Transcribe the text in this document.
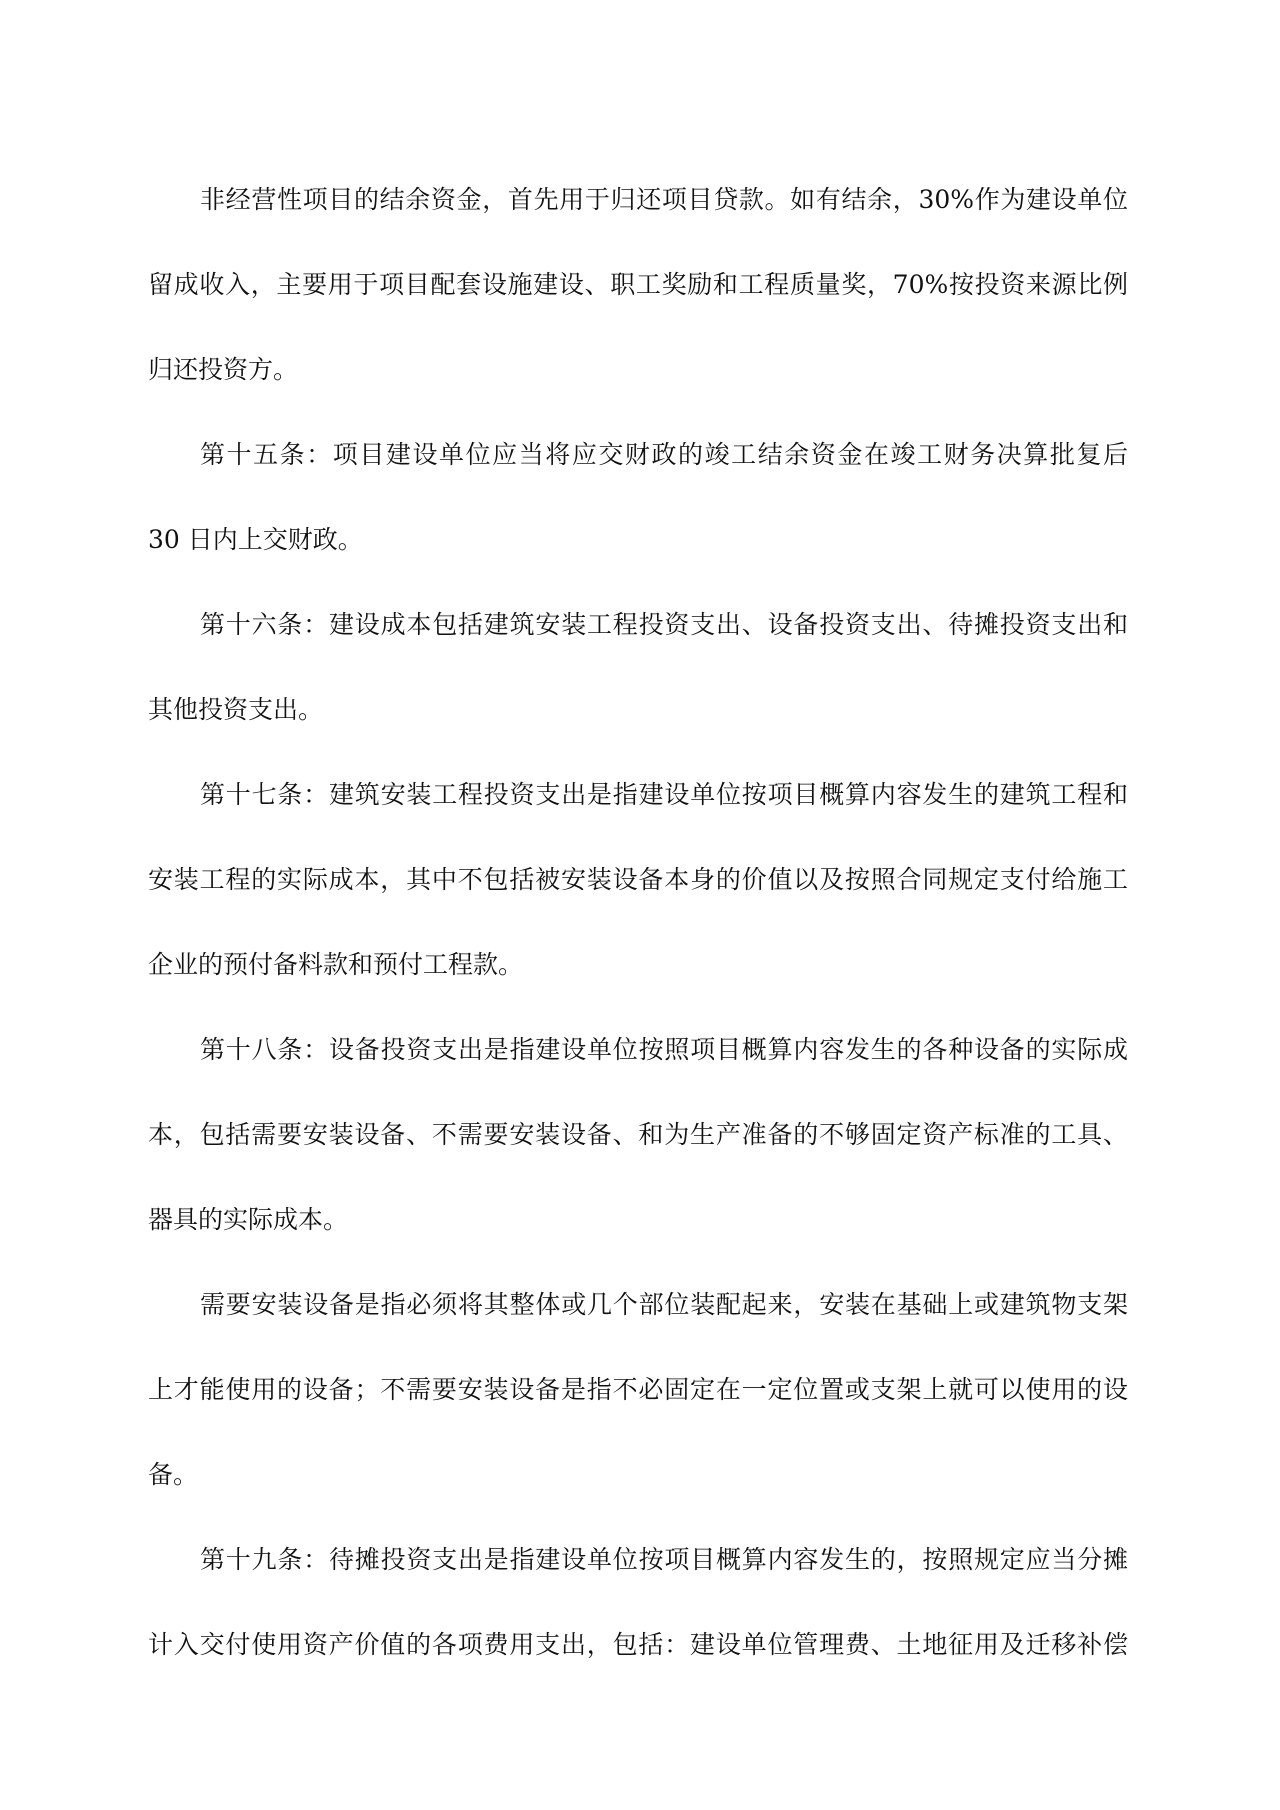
非经营性项目的结余资金，首先用于归还项目贷款。如有结余，30%作为建设单位

留成收入，主要用于项目配套设施建设、职工奖励和工程质量奖，70%按投资来源比例

归还投资方。

第十五条：项目建设单位应当将应交财政的竣工结余资金在竣工财务决算批复后

30 日内上交财政。

第十六条：建设成本包括建筑安装工程投资支出、设备投资支出、待摊投资支出和

其他投资支出。

第十七条：建筑安装工程投资支出是指建设单位按项目概算内容发生的建筑工程和

安装工程的实际成本，其中不包括被安装设备本身的价值以及按照合同规定支付给施工

企业的预付备料款和预付工程款。

第十八条：设备投资支出是指建设单位按照项目概算内容发生的各种设备的实际成

本，包括需要安装设备、不需要安装设备、和为生产准备的不够固定资产标准的工具、

器具的实际成本。

需要安装设备是指必须将其整体或几个部位装配起来，安装在基础上或建筑物支架

上才能使用的设备；不需要安装设备是指不必固定在一定位置或支架上就可以使用的设

备。

第十九条：待摊投资支出是指建设单位按项目概算内容发生的，按照规定应当分摊

计入交付使用资产价值的各项费用支出，包括：建设单位管理费、土地征用及迁移补偿
